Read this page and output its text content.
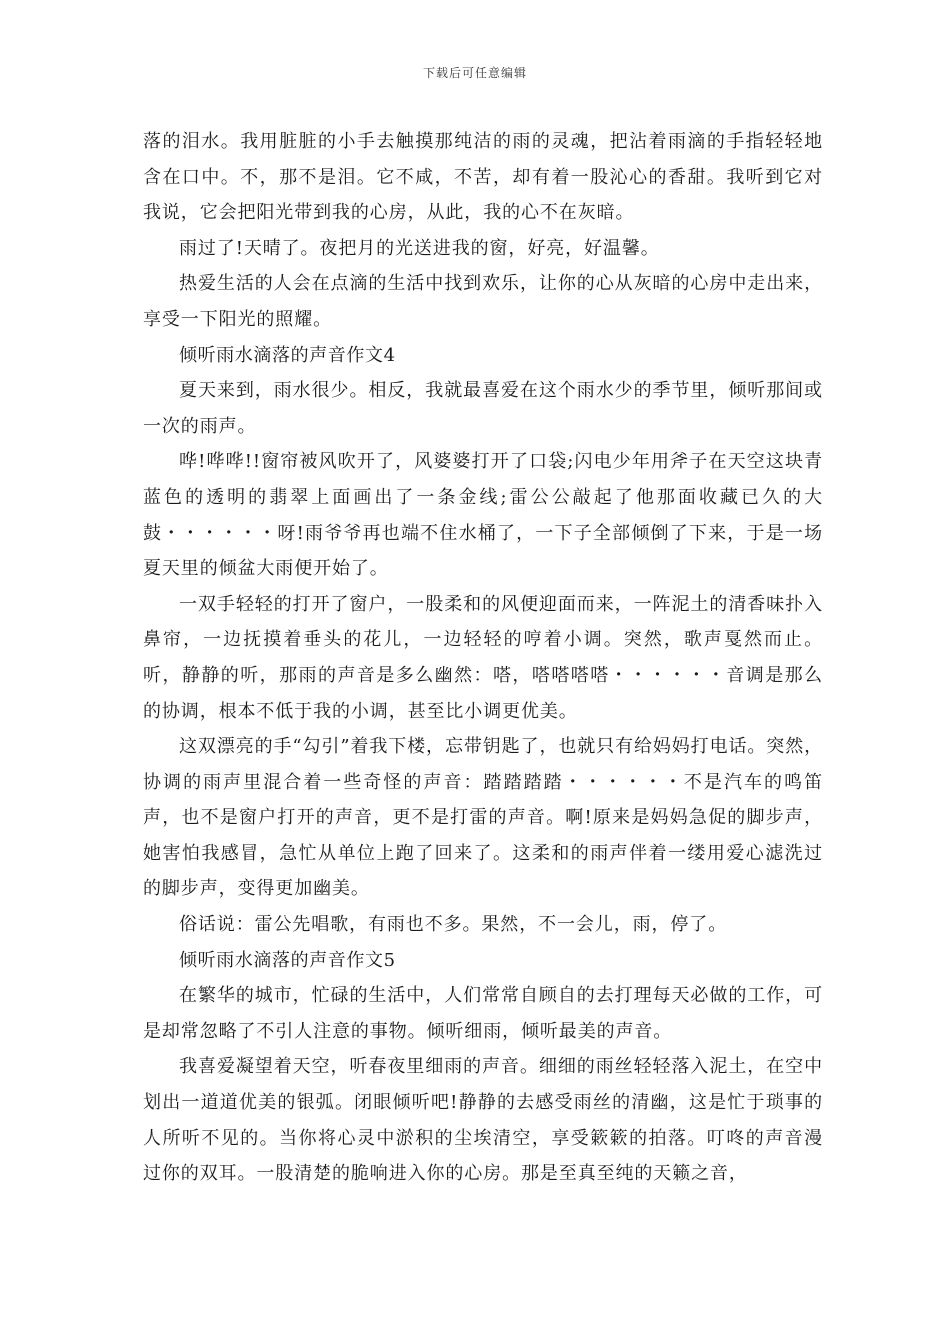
下载后可任意编辑

落的泪水。我用脏脏的小手去触摸那纯洁的雨的灵魂，把沾着雨滴的手指轻轻地含在口中。不，那不是泪。它不咸，不苦，却有着一股沁心的香甜。我听到它对我说，它会把阳光带到我的心房，从此，我的心不在灰暗。

雨过了!天晴了。夜把月的光送进我的窗，好亮，好温馨。

热爱生活的人会在点滴的生活中找到欢乐，让你的心从灰暗的心房中走出来，享受一下阳光的照耀。

倾听雨水滴落的声音作文4

夏天来到，雨水很少。相反，我就最喜爱在这个雨水少的季节里，倾听那间或一次的雨声。

哗!哗哗!!窗帘被风吹开了，风婆婆打开了口袋;闪电少年用斧子在天空这块青蓝色的透明的翡翠上面画出了一条金线;雷公公敲起了他那面收藏已久的大鼓・・・・・・呀!雨爷爷再也端不住水桶了，一下子全部倾倒了下来，于是一场夏天里的倾盆大雨便开始了。

一双手轻轻的打开了窗户，一股柔和的风便迎面而来，一阵泥土的清香味扑入鼻帘，一边抚摸着垂头的花儿，一边轻轻的哼着小调。突然，歌声戛然而止。听，静静的听，那雨的声音是多么幽然：嗒，嗒嗒嗒嗒・・・・・・音调是那么的协调，根本不低于我的小调，甚至比小调更优美。

这双漂亮的手“勾引”着我下楼，忘带钥匙了，也就只有给妈妈打电话。突然，协调的雨声里混合着一些奇怪的声音：踏踏踏踏・・・・・・不是汽车的鸣笛声，也不是窗户打开的声音，更不是打雷的声音。啊!原来是妈妈急促的脚步声，她害怕我感冒，急忙从单位上跑了回来了。这柔和的雨声伴着一缕用爱心滤洗过的脚步声，变得更加幽美。

俗话说：雷公先唱歌，有雨也不多。果然，不一会儿，雨，停了。

倾听雨水滴落的声音作文5

在繁华的城市，忙碌的生活中，人们常常自顾自的去打理每天必做的工作，可是却常忽略了不引人注意的事物。倾听细雨，倾听最美的声音。

我喜爱凝望着天空，听春夜里细雨的声音。细细的雨丝轻轻落入泥土，在空中划出一道道优美的银弧。闭眼倾听吧!静静的去感受雨丝的清幽，这是忙于琐事的人所听不见的。当你将心灵中淤积的尘埃清空，享受簌簌的拍落。叮咚的声音漫过你的双耳。一股清楚的脆响进入你的心房。那是至真至纯的天籁之音，
